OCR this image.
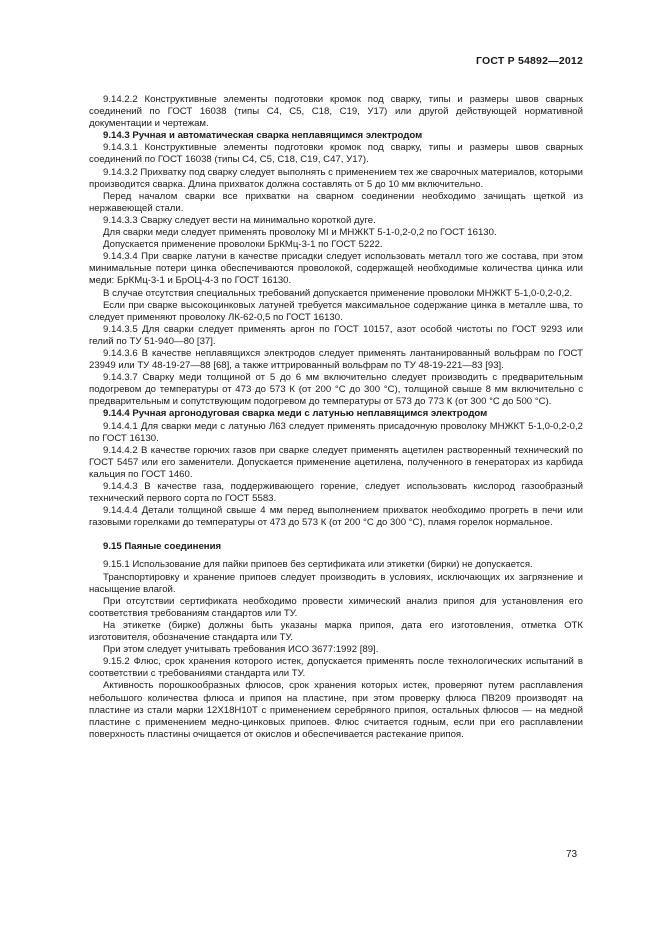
ГОСТ Р 54892—2012

9.14.2.2 Конструктивные элементы подготовки кромок под сварку, типы и размеры швов сварных соединений по ГОСТ 16038 (типы С4, С5, С18, С19, У17) или другой действующей нормативной документации и чертежам.

9.14.3 Ручная и автоматическая сварка неплавящимся электродом

9.14.3.1 Конструктивные элементы подготовки кромок под сварку, типы и размеры швов сварных соединений по ГОСТ 16038 (типы С4, С5, С18, С19, С47, У17).

9.14.3.2 Прихватку под сварку следует выполнять с применением тех же сварочных материалов, которыми производится сварка. Длина прихваток должна составлять от 5 до 10 мм включительно.

Перед началом сварки все прихватки на сварном соединении необходимо зачищать щеткой из нержавеющей стали.

9.14.3.3 Сварку следует вести на минимально короткой дуге.

Для сварки меди следует применять проволоку МI и МНЖКТ 5-1-0,2-0,2 по ГОСТ 16130.

Допускается применение проволоки БрКМц-3-1 по ГОСТ 5222.

9.14.3.4 При сварке латуни в качестве присадки следует использовать металл того же состава, при этом минимальные потери цинка обеспечиваются проволокой, содержащей необходимые количества цинка или меди: БрКМц-3-1 и БрОЦ-4-3 по ГОСТ 16130.

В случае отсутствия специальных требований допускается применение проволоки МНЖКТ 5-1,0-0,2-0,2.

Если при сварке высокоцинковых латуней требуется максимальное содержание цинка в металле шва, то следует применяют проволоку ЛК-62-0,5 по ГОСТ 16130.

9.14.3.5 Для сварки следует применять аргон по ГОСТ 10157, азот особой чистоты по ГОСТ 9293 или гелий по ТУ 51-940—80 [37].

9.14.3.6 В качестве неплавящихся электродов следует применять лантанированный вольфрам по ГОСТ 23949 или ТУ 48-19-27—88 [68], а также иттрированный вольфрам по ТУ 48-19-221—83 [93].

9.14.3.7 Сварку меди толщиной от 5 до 6 мм включительно следует производить с предварительным подогревом до температуры от 473 до 573 К (от 200 °С до 300 °С), толщиной свыше 8 мм включительно с предварительным и сопутствующим подогревом до температуры от 573 до 773 К (от 300 °С до 500 °С).

9.14.4 Ручная аргонодуговая сварка меди с латунью неплавящимся электродом

9.14.4.1 Для сварки меди с латунью Л63 следует применять присадочную проволоку МНЖКТ 5-1,0-0,2-0,2 по ГОСТ 16130.

9.14.4.2 В качестве горючих газов при сварке следует применять ацетилен растворенный технический по ГОСТ 5457 или его заменители. Допускается применение ацетилена, полученного в генераторах из карбида кальция по ГОСТ 1460.

9.14.4.3 В качестве газа, поддерживающего горение, следует использовать кислород газообразный технический первого сорта по ГОСТ 5583.

9.14.4.4 Детали толщиной свыше 4 мм перед выполнением прихваток необходимо прогреть в печи или газовыми горелками до температуры от 473 до 573 К (от 200 °С до 300 °С), пламя горелок нормальное.

9.15 Паяные соединения

9.15.1 Использование для пайки припоев без сертификата или этикетки (бирки) не допускается.

Транспортировку и хранение припоев следует производить в условиях, исключающих их загрязнение и насыщение влагой.

При отсутствии сертификата необходимо провести химический анализ припоя для установления его соответствия требованиям стандартов или ТУ.

На этикетке (бирке) должны быть указаны марка припоя, дата его изготовления, отметка ОТК изготовителя, обозначение стандарта или ТУ.

При этом следует учитывать требования ИСО 3677:1992 [89].

9.15.2 Флюс, срок хранения которого истек, допускается применять после технологических испытаний в соответствии с требованиями стандарта или ТУ.

Активность порошкообразных флюсов, срок хранения которых истек, проверяют путем расплавления небольшого количества флюса и припоя на пластине, при этом проверку флюса ПВ209 производят на пластине из стали марки 12Х18Н10Т с применением серебряного припоя, остальных флюсов — на медной пластине с применением медно-цинковых припоев. Флюс считается годным, если при его расплавлении поверхность пластины очищается от окислов и обеспечивается растекание припоя.

73
